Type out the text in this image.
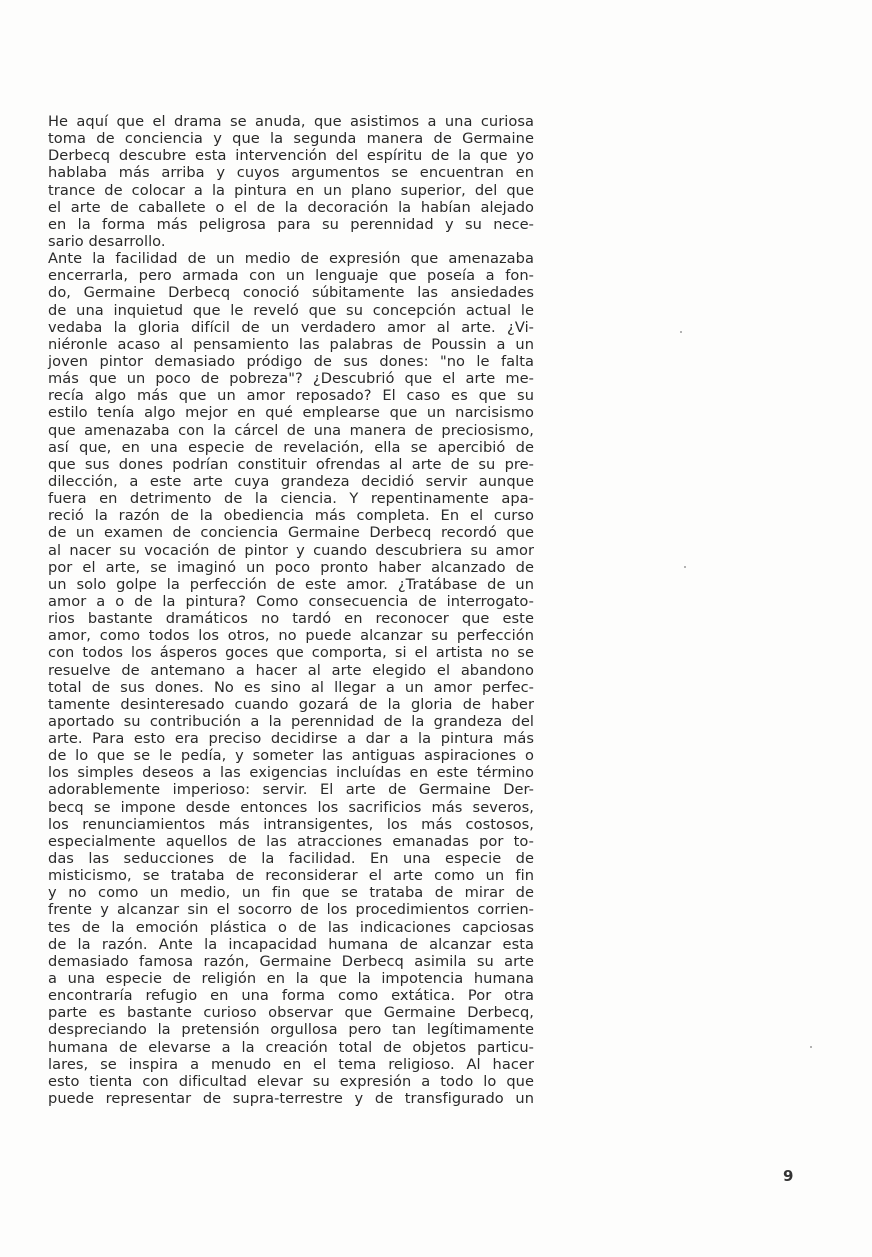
He aquí que el drama se anuda, que asistimos a una curiosa
toma de conciencia y que la segunda manera de Germaine
Derbecq descubre esta intervención del espíritu de la que yo
hablaba más arriba y cuyos argumentos se encuentran en
trance de colocar a la pintura en un plano superior, del que
el arte de caballete o el de la decoración la habían alejado
en la forma más peligrosa para su perennidad y su nece-
sario desarrollo.
Ante la facilidad de un medio de expresión que amenazaba
encerrarla, pero armada con un lenguaje que poseía a fon-
do, Germaine Derbecq conoció súbitamente las ansiedades
de una inquietud que le reveló que su concepción actual le
vedaba la gloria difícil de un verdadero amor al arte. ¿Vi-
niéronle acaso al pensamiento las palabras de Poussin a un
joven pintor demasiado pródigo de sus dones: "no le falta
más que un poco de pobreza"? ¿Descubrió que el arte me-
recía algo más que un amor reposado? El caso es que su
estilo tenía algo mejor en qué emplearse que un narcisismo
que amenazaba con la cárcel de una manera de preciosismo,
así que, en una especie de revelación, ella se apercibió de
que sus dones podrían constituir ofrendas al arte de su pre-
dilección, a este arte cuya grandeza decidió servir aunque
fuera en detrimento de la ciencia. Y repentinamente apa-
reció la razón de la obediencia más completa. En el curso
de un examen de conciencia Germaine Derbecq recordó que
al nacer su vocación de pintor y cuando descubriera su amor
por el arte, se imaginó un poco pronto haber alcanzado de
un solo golpe la perfección de este amor. ¿Tratábase de un
amor a o de la pintura? Como consecuencia de interrogato-
rios bastante dramáticos no tardó en reconocer que este
amor, como todos los otros, no puede alcanzar su perfección
con todos los ásperos goces que comporta, si el artista no se
resuelve de antemano a hacer al arte elegido el abandono
total de sus dones. No es sino al llegar a un amor perfec-
tamente desinteresado cuando gozará de la gloria de haber
aportado su contribución a la perennidad de la grandeza del
arte. Para esto era preciso decidirse a dar a la pintura más
de lo que se le pedía, y someter las antiguas aspiraciones o
los simples deseos a las exigencias incluídas en este término
adorablemente imperioso: servir. El arte de Germaine Der-
becq se impone desde entonces los sacrificios más severos,
los renunciamientos más intransigentes, los más costosos,
especialmente aquellos de las atracciones emanadas por to-
das las seducciones de la facilidad. En una especie de
misticismo, se trataba de reconsiderar el arte como un fin
y no como un medio, un fin que se trataba de mirar de
frente y alcanzar sin el socorro de los procedimientos corrien-
tes de la emoción plástica o de las indicaciones capciosas
de la razón. Ante la incapacidad humana de alcanzar esta
demasiado famosa razón, Germaine Derbecq asimila su arte
a una especie de religión en la que la impotencia humana
encontraría refugio en una forma como extática. Por otra
parte es bastante curioso observar que Germaine Derbecq,
despreciando la pretensión orgullosa pero tan legítimamente
humana de elevarse a la creación total de objetos particu-
lares, se inspira a menudo en el tema religioso. Al hacer
esto tienta con dificultad elevar su expresión a todo lo que
puede representar de supra-terrestre y de transfigurado un
9
